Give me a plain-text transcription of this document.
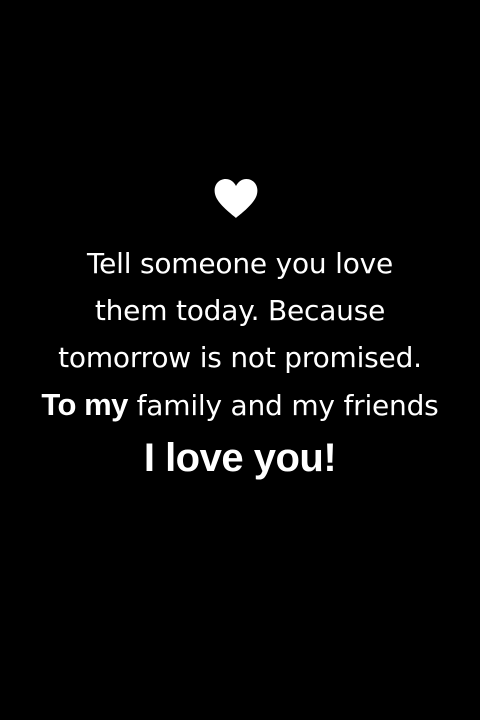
Tell someone you love
them today. Because
tomorrow is not promised.
To my family and my friends
I love you!
